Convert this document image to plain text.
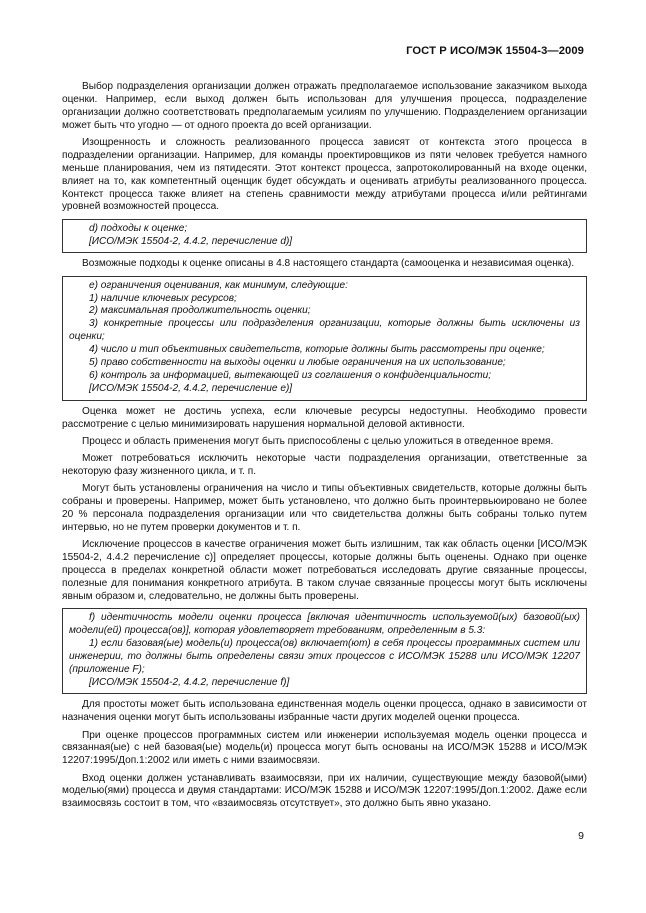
ГОСТ Р ИСО/МЭК 15504-3—2009

Выбор подразделения организации должен отражать предполагаемое использование заказчиком выхода оценки. Например, если выход должен быть использован для улучшения процесса, подразделение организации должно соответствовать предполагаемым усилиям по улучшению. Подразделением организации может быть что угодно — от одного проекта до всей организации.

Изощренность и сложность реализованного процесса зависят от контекста этого процесса в подразделении организации. Например, для команды проектировщиков из пяти человек требуется намного меньше планирования, чем из пятидесяти. Этот контекст процесса, запротоколированный на входе оценки, влияет на то, как компетентный оценщик будет обсуждать и оценивать атрибуты реализованного процесса. Контекст процесса также влияет на степень сравнимости между атрибутами процесса и/или рейтингами уровней возможностей процесса.

d) подходы к оценке;
[ИСО/МЭК 15504-2, 4.4.2, перечисление d)]

Возможные подходы к оценке описаны в 4.8 настоящего стандарта (самооценка и независимая оценка).

e) ограничения оценивания, как минимум, следующие:
1) наличие ключевых ресурсов;
2) максимальная продолжительность оценки;
3) конкретные процессы или подразделения организации, которые должны быть исключены из оценки;
4) число и тип объективных свидетельств, которые должны быть рассмотрены при оценке;
5) право собственности на выходы оценки и любые ограничения на их использование;
6) контроль за информацией, вытекающей из соглашения о конфиденциальности;
[ИСО/МЭК 15504-2, 4.4.2, перечисление e)]

Оценка может не достичь успеха, если ключевые ресурсы недоступны. Необходимо провести рассмотрение с целью минимизировать нарушения нормальной деловой активности.

Процесс и область применения могут быть приспособлены с целью уложиться в отведенное время.

Может потребоваться исключить некоторые части подразделения организации, ответственные за некоторую фазу жизненного цикла, и т. п.

Могут быть установлены ограничения на число и типы объективных свидетельств, которые должны быть собраны и проверены. Например, может быть установлено, что должно быть проинтервьюировано не более 20 % персонала подразделения организации или что свидетельства должны быть собраны только путем интервью, но не путем проверки документов и т. п.

Исключение процессов в качестве ограничения может быть излишним, так как область оценки [ИСО/МЭК 15504-2, 4.4.2 перечисление c)] определяет процессы, которые должны быть оценены. Однако при оценке процесса в пределах конкретной области может потребоваться исследовать другие связанные процессы, полезные для понимания конкретного атрибута. В таком случае связанные процессы могут быть исключены явным образом и, следовательно, не должны быть проверены.

f) идентичность модели оценки процесса [включая идентичность используемой(ых) базовой(ых) модели(ей) процесса(ов)], которая удовлетворяет требованиям, определенным в 5.3:
1) если базовая(ые) модель(и) процесса(ов) включает(ют) в себя процессы программных систем или инженерии, то должны быть определены связи этих процессов с ИСО/МЭК 15288 или ИСО/МЭК 12207 (приложение F);
[ИСО/МЭК 15504-2, 4.4.2, перечисление f)]

Для простоты может быть использована единственная модель оценки процесса, однако в зависимости от назначения оценки могут быть использованы избранные части других моделей оценки процесса.

При оценке процессов программных систем или инженерии используемая модель оценки процесса и связанная(ые) с ней базовая(ые) модель(и) процесса могут быть основаны на ИСО/МЭК 15288 и ИСО/МЭК 12207:1995/Доп.1:2002 или иметь с ними взаимосвязи.

Вход оценки должен устанавливать взаимосвязи, при их наличии, существующие между базовой(ыми) моделью(ями) процесса и двумя стандартами: ИСО/МЭК 15288 и ИСО/МЭК 12207:1995/Доп.1:2002. Даже если взаимосвязь состоит в том, что «взаимосвязь отсутствует», это должно быть явно указано.

9
